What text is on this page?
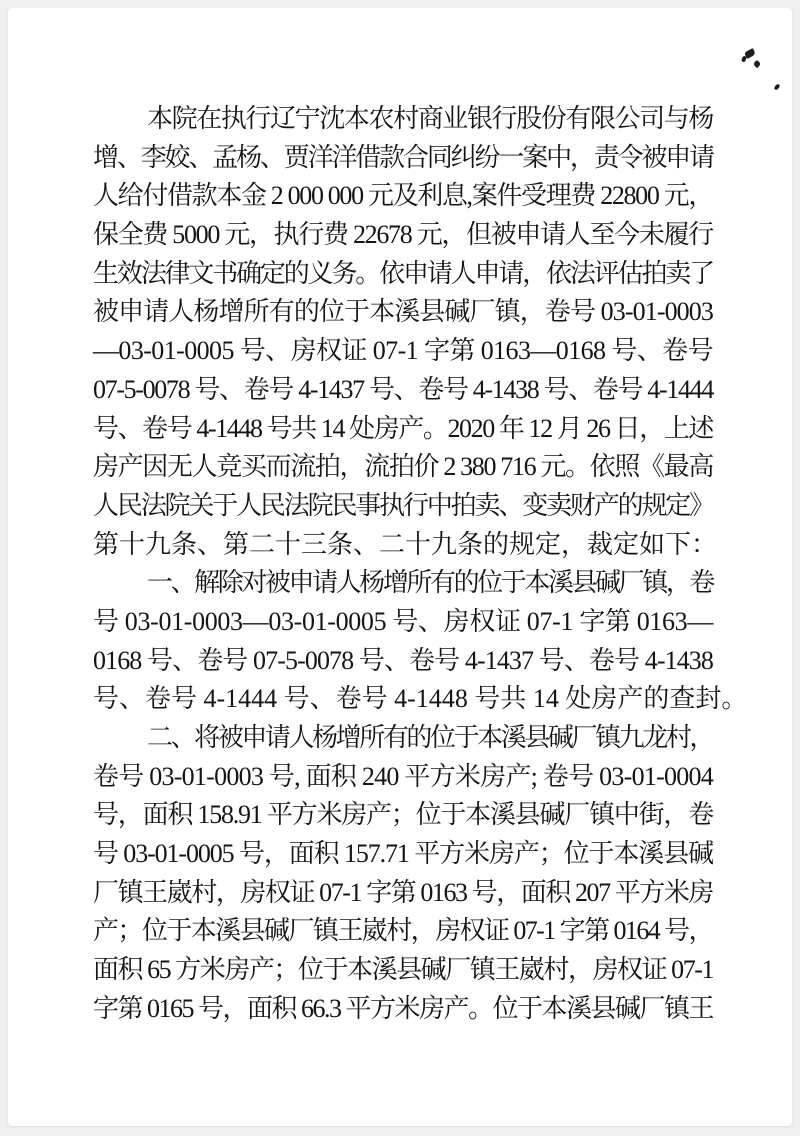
本院在执行辽宁沈本农村商业银行股份有限公司与杨
增、李姣、孟杨、贾洋洋借款合同纠纷一案中，责令被申请
人给付借款本金 2 000 000 元及利息,案件受理费 22800 元，
保全费 5000 元，执行费 22678 元，但被申请人至今未履行
生效法律文书确定的义务。依申请人申请，依法评估拍卖了
被申请人杨增所有的位于本溪县碱厂镇，卷号 03-01-0003
—03-01-0005 号、房权证 07-1 字第 0163—0168 号、卷号
07-5-0078 号、卷号 4-1437 号、卷号 4-1438 号、卷号 4-1444
号、卷号 4-1448 号共 14 处房产。2020 年 12 月 26 日，上述
房产因无人竞买而流拍，流拍价 2 380 716 元。依照《最高
人民法院关于人民法院民事执行中拍卖、变卖财产的规定》
第十九条、第二十三条、二十九条的规定，裁定如下：
一、解除对被申请人杨增所有的位于本溪县碱厂镇，卷
号 03-01-0003—03-01-0005 号、房权证 07-1 字第 0163—
0168 号、卷号 07-5-0078 号、卷号 4-1437 号、卷号 4-1438
号、卷号 4-1444 号、卷号 4-1448 号共 14 处房产的查封。
二、将被申请人杨增所有的位于本溪县碱厂镇九龙村，
卷号 03-01-0003 号, 面积 240 平方米房产; 卷号 03-01-0004
号，面积 158.91 平方米房产；位于本溪县碱厂镇中街，卷
号 03-01-0005 号，面积 157.71 平方米房产；位于本溪县碱
厂镇王崴村，房权证 07-1 字第 0163 号，面积 207 平方米房
产；位于本溪县碱厂镇王崴村，房权证 07-1 字第 0164 号，
面积 65 方米房产；位于本溪县碱厂镇王崴村，房权证 07-1
字第 0165 号，面积 66.3 平方米房产。位于本溪县碱厂镇王
